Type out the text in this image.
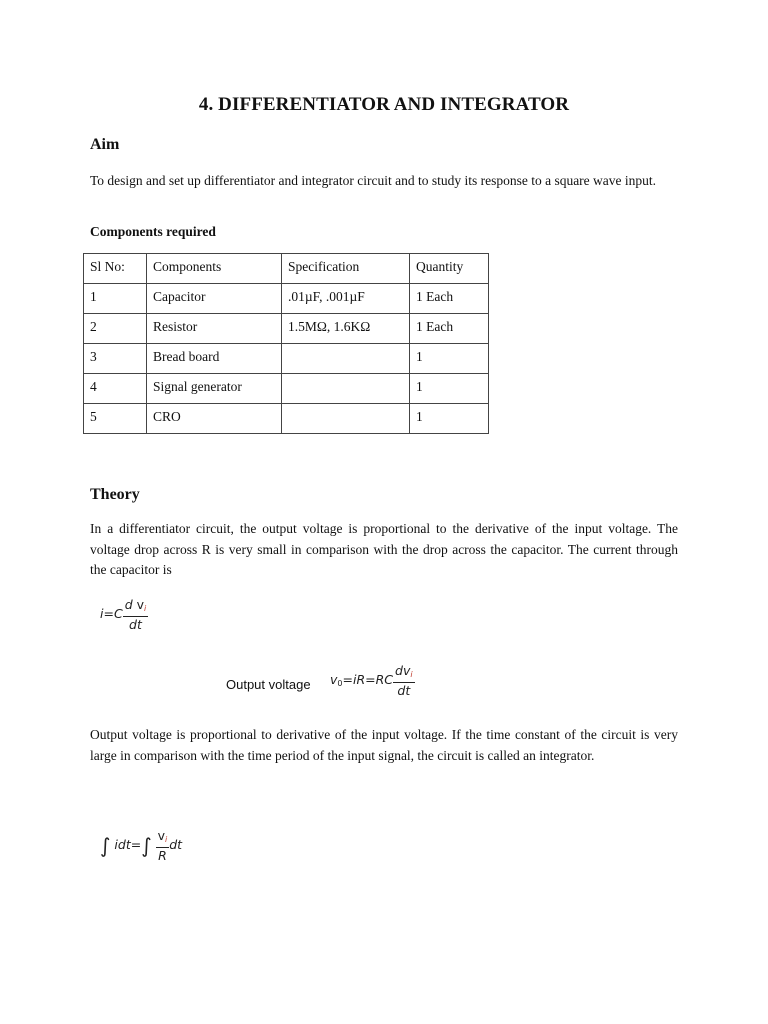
4. DIFFERENTIATOR AND INTEGRATOR
Aim
To design and set up differentiator and integrator circuit and to study its response to a square wave input.
Components required
Sl No:	Components	Specification	Quantity
1	Capacitor	.01µF, .001µF	1 Each
2	Resistor	1.5MΩ, 1.6KΩ	1 Each
3	Bread board		1
4	Signal generator		1
5	CRO		1
Theory
In a differentiator circuit, the output voltage is proportional to the derivative of the input voltage. The voltage drop across R is very small in comparison with the drop across the capacitor. The current through the capacitor is
$i=C \frac{d v_i}{dt}$
Output voltage $v0=iR=RC \frac{dv_i}{dt}$
Output voltage is proportional to derivative of the input voltage. If the time constant of the circuit is very large in comparison with the time period of the input signal, the circuit is called an integrator.
∫ $idt=\int \frac{v_i}{R}$ dt
